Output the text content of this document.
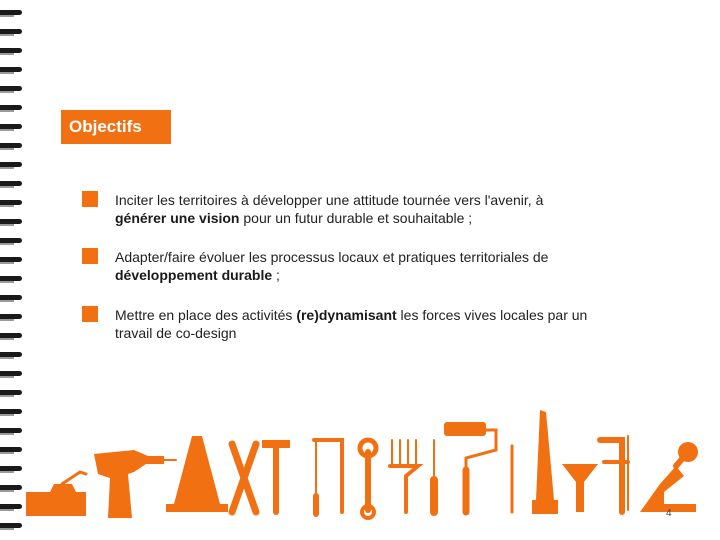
Objectifs
Inciter les territoires à développer une attitude tournée vers l'avenir, à
générer une vision pour un futur durable et souhaitable ;
Adapter/faire évoluer les processus locaux et pratiques territoriales de
développement durable ;
Mettre en place des activités (re)dynamisant les forces vives locales par un
travail de co-design
4
